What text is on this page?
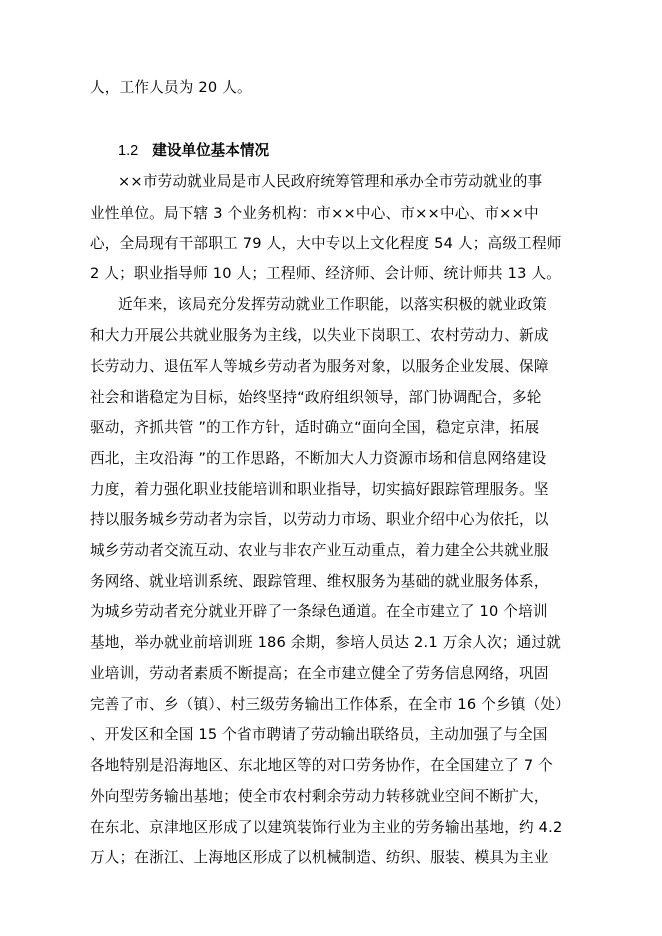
人，工作人员为 20 人。
1.2 建设单位基本情况
××市劳动就业局是市人民政府统筹管理和承办全市劳动就业的事
业性单位。局下辖 3 个业务机构：市××中心、市××中心、市××中
心，全局现有干部职工 79 人，大中专以上文化程度 54 人；高级工程师
2 人；职业指导师 10 人；工程师、经济师、会计师、统计师共 13 人。
近年来，该局充分发挥劳动就业工作职能，以落实积极的就业政策
和大力开展公共就业服务为主线，以失业下岗职工、农村劳动力、新成
长劳动力、退伍军人等城乡劳动者为服务对象，以服务企业发展、保障
社会和谐稳定为目标，始终坚持“政府组织领导，部门协调配合，多轮
驱动，齐抓共管 ”的工作方针，适时确立“面向全国，稳定京津，拓展
西北，主攻沿海 ”的工作思路，不断加大人力资源市场和信息网络建设
力度，着力强化职业技能培训和职业指导，切实搞好跟踪管理服务。坚
持以服务城乡劳动者为宗旨，以劳动力市场、职业介绍中心为依托，以
城乡劳动者交流互动、农业与非农产业互动重点，着力建全公共就业服
务网络、就业培训系统、跟踪管理、维权服务为基础的就业服务体系，
为城乡劳动者充分就业开辟了一条绿色通道。在全市建立了 10 个培训
基地，举办就业前培训班 186 余期，参培人员达 2.1 万余人次；通过就
业培训，劳动者素质不断提高；在全市建立健全了劳务信息网络，巩固
完善了市、乡（镇）、村三级劳务输出工作体系，在全市 16 个乡镇（处）
、开发区和全国 15 个省市聘请了劳动输出联络员，主动加强了与全国
各地特别是沿海地区、东北地区等的对口劳务协作，在全国建立了 7 个
外向型劳务输出基地；使全市农村剩余劳动力转移就业空间不断扩大，
在东北、京津地区形成了以建筑装饰行业为主业的劳务输出基地，约 4.2
万人；在浙江、上海地区形成了以机械制造、纺织、服装、模具为主业
